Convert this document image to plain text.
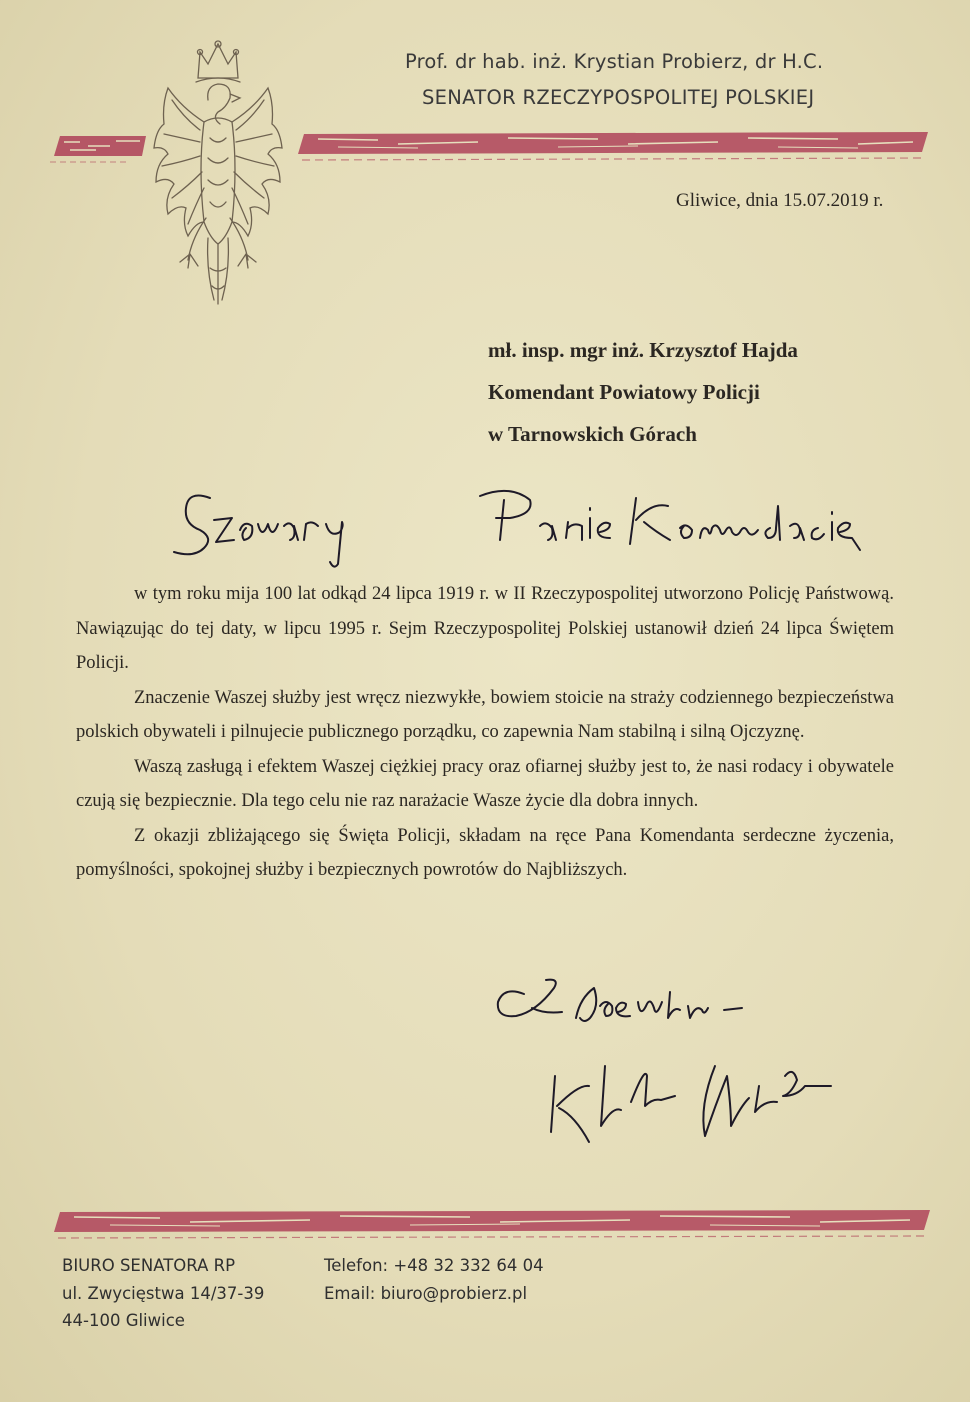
Prof. dr hab. inż. Krystian Probierz, dr H.C.
SENATOR RZECZYPOSPOLITEJ POLSKIEJ
Gliwice, dnia 15.07.2019 r.
mł. insp. mgr inż. Krzysztof Hajda
Komendant Powiatowy Policji
w Tarnowskich Górach

w tym roku mija 100 lat odkąd 24 lipca 1919 r. w II Rzeczypospolitej utworzono Policję Państwową. Nawiązując do tej daty, w lipcu 1995 r. Sejm Rzeczypospolitej Polskiej ustanowił dzień 24 lipca Świętem Policji.

Znaczenie Waszej służby jest wręcz niezwykłe, bowiem stoicie na straży codziennego bezpieczeństwa polskich obywateli i pilnujecie publicznego porządku, co zapewnia Nam stabilną i silną Ojczyznę.

Waszą zasługą i efektem Waszej ciężkiej pracy oraz ofiarnej służby jest to, że nasi rodacy i obywatele czują się bezpiecznie. Dla tego celu nie raz narażacie Wasze życie dla dobra innych.

Z okazji zbliżającego się Święta Policji, składam na ręce Pana Komendanta serdeczne życzenia, pomyślności, spokojnej służby i bezpiecznych powrotów do Najbliższych.

BIURO SENATORA RP
ul. Zwycięstwa 14/37-39
44-100 Gliwice
Telefon: +48 32 332 64 04
Email: biuro@probierz.pl
